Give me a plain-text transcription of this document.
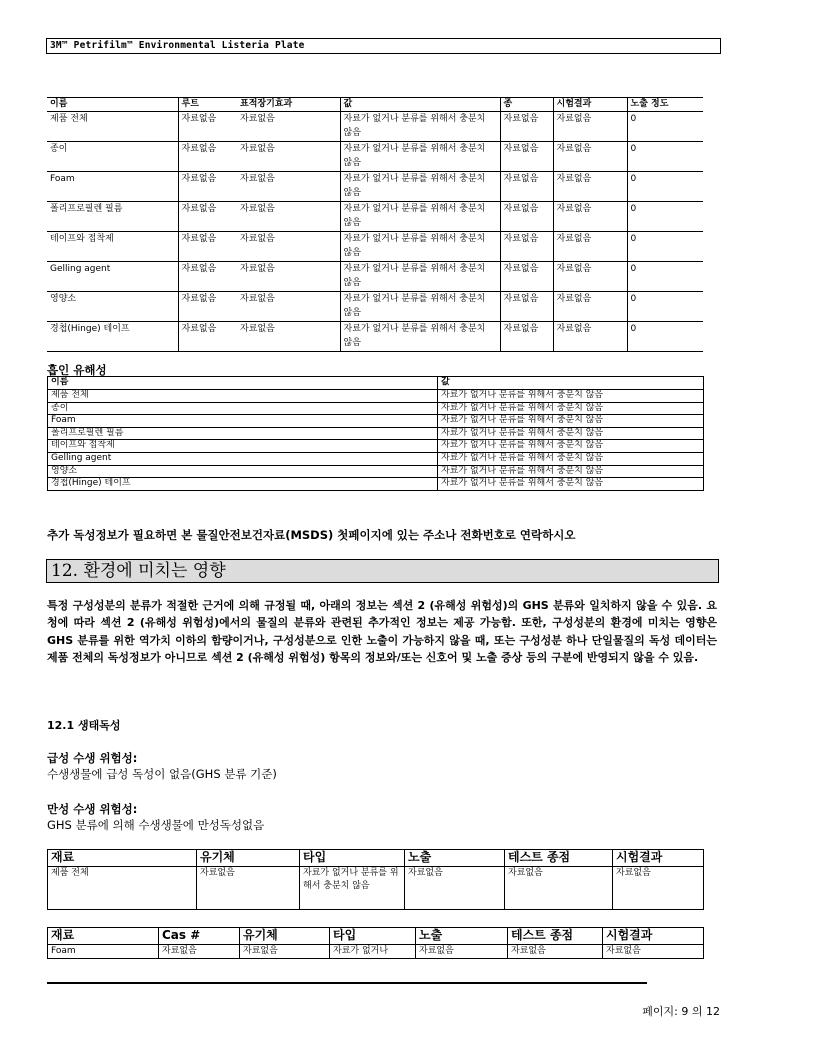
3M™ Petrifilm™ Environmental Listeria Plate
이름	루트	표적장기효과	값	종	시험결과	노출 정도
제품 전체	자료없음	자료없음	자료가 없거나 분류를 위해서 충분치 않음	자료없음	자료없음	0
종이	자료없음	자료없음	자료가 없거나 분류를 위해서 충분치 않음	자료없음	자료없음	0
Foam	자료없음	자료없음	자료가 없거나 분류를 위해서 충분치 않음	자료없음	자료없음	0
폴리프로필렌 필름	자료없음	자료없음	자료가 없거나 분류를 위해서 충분치 않음	자료없음	자료없음	0
테이프와 접착제	자료없음	자료없음	자료가 없거나 분류를 위해서 충분치 않음	자료없음	자료없음	0
Gelling agent	자료없음	자료없음	자료가 없거나 분류를 위해서 충분치 않음	자료없음	자료없음	0
영양소	자료없음	자료없음	자료가 없거나 분류를 위해서 충분치 않음	자료없음	자료없음	0
경첩(Hinge) 테이프	자료없음	자료없음	자료가 없거나 분류를 위해서 충분치 않음	자료없음	자료없음	0
흡인 유해성
이름	값
제품 전체	자료가 없거나 분류를 위해서 충분치 않음
종이	자료가 없거나 분류를 위해서 충분치 않음
Foam	자료가 없거나 분류를 위해서 충분치 않음
폴리프로필렌 필름	자료가 없거나 분류를 위해서 충분치 않음
테이프와 접착제	자료가 없거나 분류를 위해서 충분치 않음
Gelling agent	자료가 없거나 분류를 위해서 충분치 않음
영양소	자료가 없거나 분류를 위해서 충분치 않음
경첩(Hinge) 테이프	자료가 없거나 분류를 위해서 충분치 않음
추가 독성정보가 필요하면 본 물질안전보건자료(MSDS) 첫페이지에 있는 주소나 전화번호로 연락하시오
12. 환경에 미치는 영향
특정 구성성분의 분류가 적절한 근거에 의해 규정될 때, 아래의 정보는 섹션 2 (유해성 위험성)의 GHS 분류와 일치하지 않을 수 있음. 요청에 따라 섹션 2 (유해성 위험성)에서의 물질의 분류와 관련된 추가적인 정보는 제공 가능함. 또한, 구성성분의 환경에 미치는 영향은 GHS 분류를 위한 역가치 이하의 함량이거나, 구성성분으로 인한 노출이 가능하지 않을 때, 또는 구성성분 하나 단일물질의 독성 데이터는 제품 전체의 독성정보가 아니므로 섹션 2 (유해성 위험성) 항목의 정보와/또는 신호어 및 노출 증상 등의 구분에 반영되지 않을 수 있음.
12.1 생태독성
급성 수생 위험성:
수생생물에 급성 독성이 없음(GHS 분류 기준)
만성 수생 위험성:
GHS 분류에 의해 수생생물에 만성독성없음
재료	유기체	타입	노출	테스트 종점	시험결과
제품 전체	자료없음	자료가 없거나 분류를 위해서 충분치 않음	자료없음	자료없음	자료없음
재료	Cas #	유기체	타입	노출	테스트 종점	시험결과
Foam	자료없음	자료없음	자료가 없거나	자료없음	자료없음	자료없음
페이지: 9 의 12
